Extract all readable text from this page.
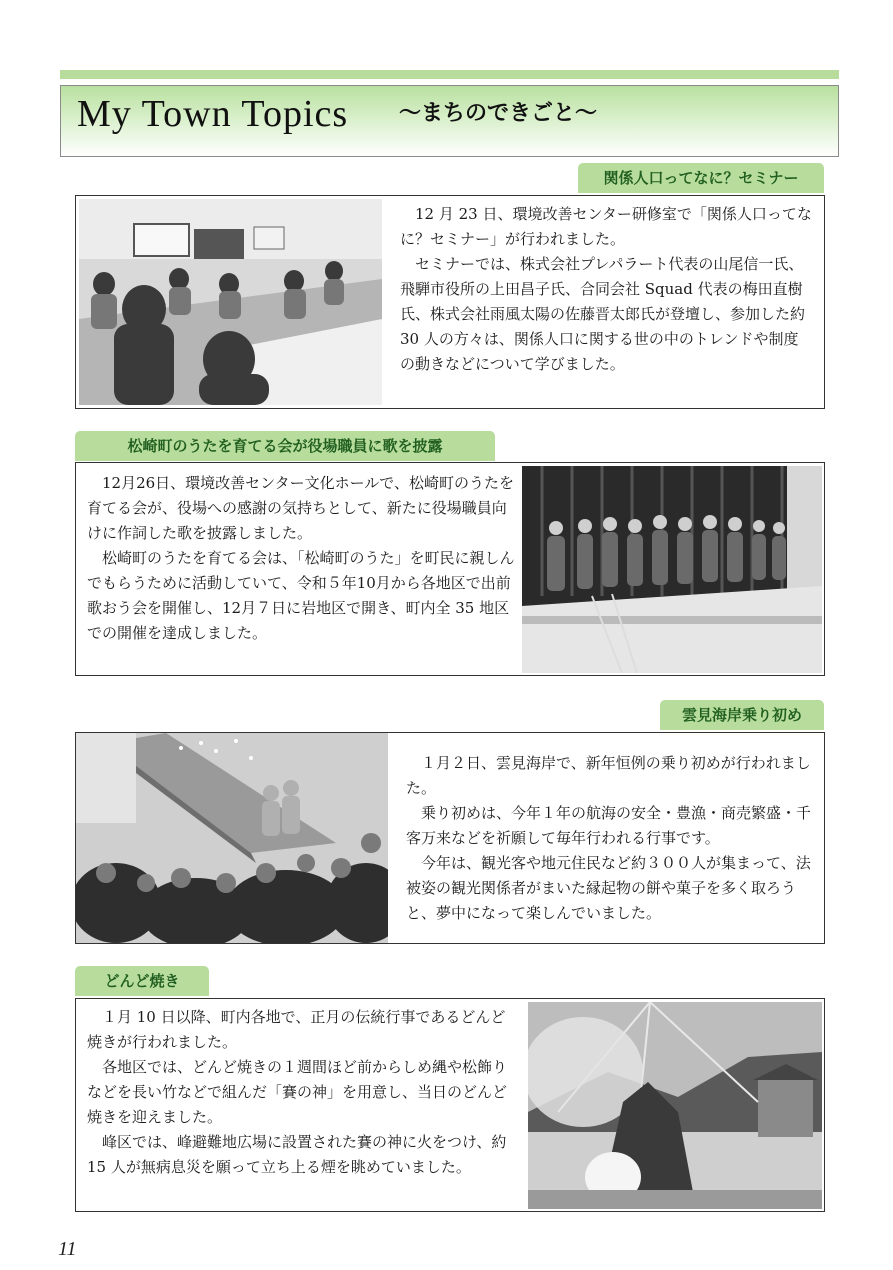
My Town Topics ～まちのできごと～
関係人口ってなに？セミナー

12 月 23 日、環境改善センター研修室で「関係人口ってなに？セミナー」が行われました。

セミナーでは、株式会社プレパラート代表の山尾信一氏、飛騨市役所の上田昌子氏、合同会社 Squad 代表の梅田直樹氏、株式会社雨風太陽の佐藤晋太郎氏が登壇し、参加した約 30 人の方々は、関係人口に関する世の中のトレンドや制度の動きなどについて学びました。

松崎町のうたを育てる会が役場職員に歌を披露

12月26日、環境改善センター文化ホールで、松崎町のうたを育てる会が、役場への感謝の気持ちとして、新たに役場職員向けに作詞した歌を披露しました。

松崎町のうたを育てる会は、「松崎町のうた」を町民に親しんでもらうために活動していて、令和５年10月から各地区で出前歌おう会を開催し、12月７日に岩地区で開き、町内全 35 地区での開催を達成しました。

雲見海岸乗り初め

１月２日、雲見海岸で、新年恒例の乗り初めが行われました。

乗り初めは、今年１年の航海の安全・豊漁・商売繁盛・千客万来などを祈願して毎年行われる行事です。

今年は、観光客や地元住民など約３００人が集まって、法被姿の観光関係者がまいた縁起物の餅や菓子を多く取ろうと、夢中になって楽しんでいました。

どんど焼き

１月 10 日以降、町内各地で、正月の伝統行事であるどんど焼きが行われました。

各地区では、どんど焼きの１週間ほど前からしめ縄や松飾りなどを長い竹などで組んだ「賽の神」を用意し、当日のどんど焼きを迎えました。

峰区では、峰避難地広場に設置された賽の神に火をつけ、約 15 人が無病息災を願って立ち上る煙を眺めていました。

11
